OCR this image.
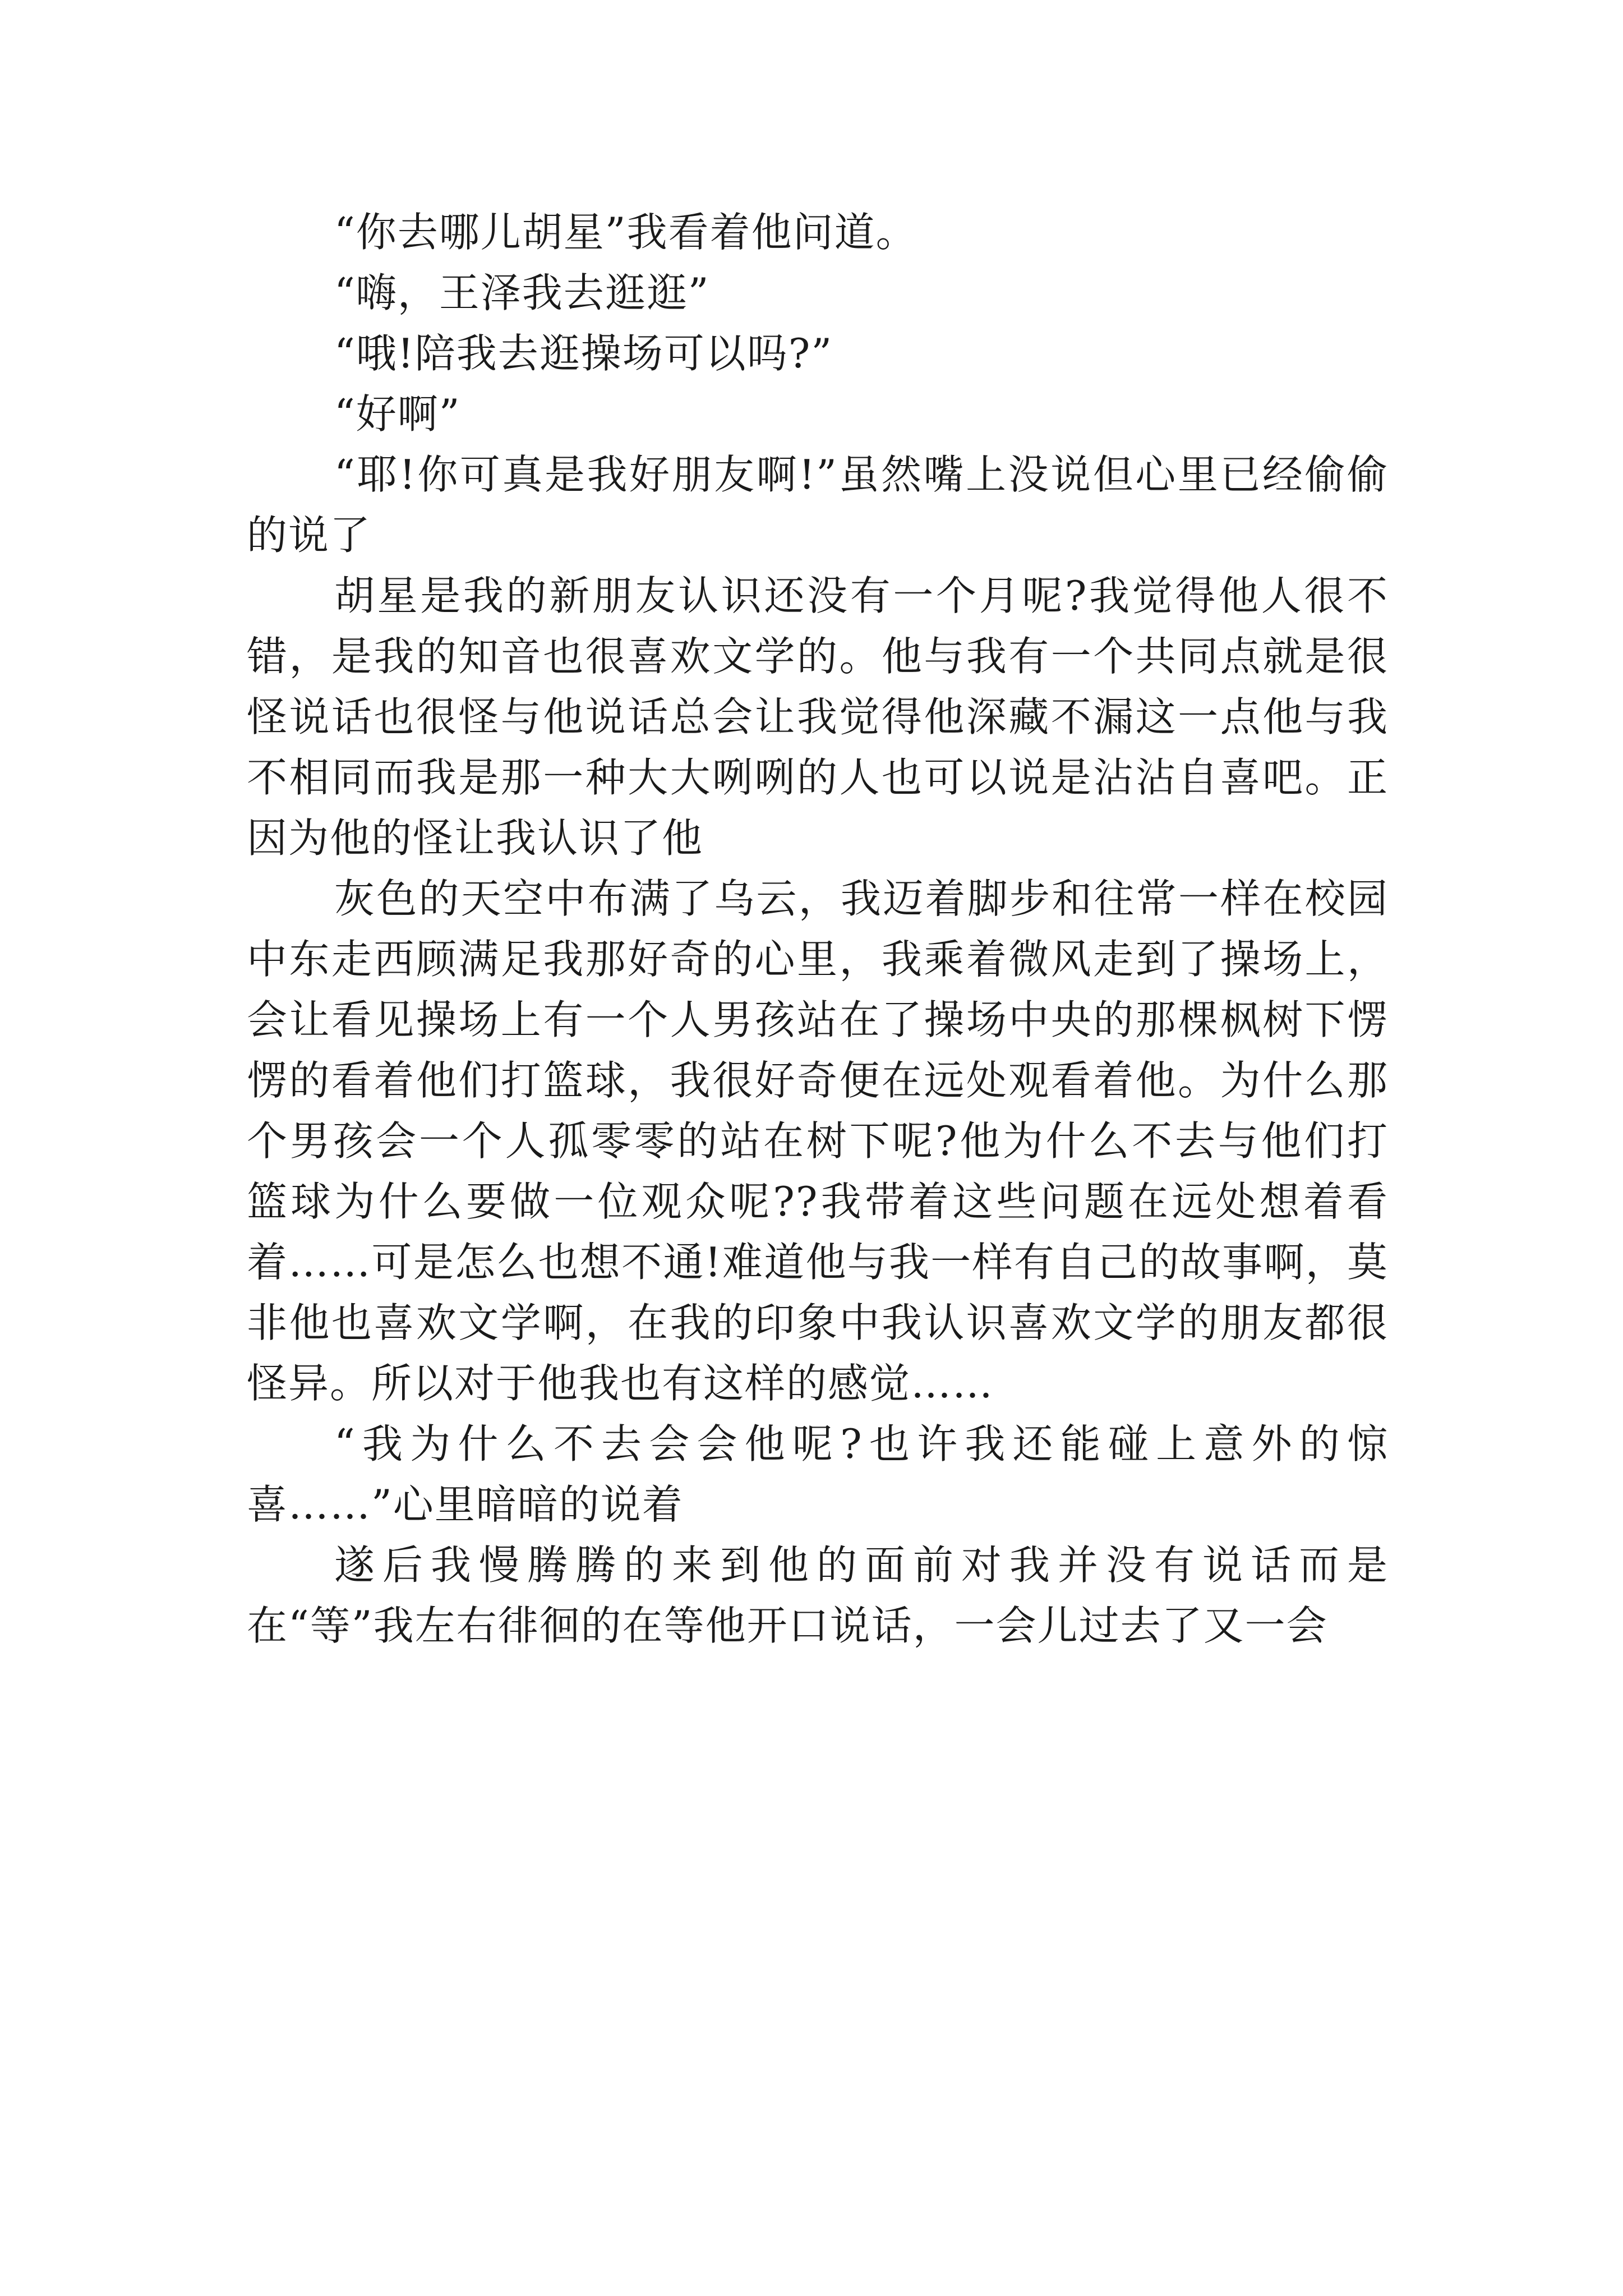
“你去哪儿胡星”我看着他问道。

“嗨，王泽我去逛逛”

“哦!陪我去逛操场可以吗?”

“好啊”

“耶!你可真是我好朋友啊!”虽然嘴上没说但心里已经偷偷的说了

胡星是我的新朋友认识还没有一个月呢?我觉得他人很不错，是我的知音也很喜欢文学的。他与我有一个共同点就是很怪说话也很怪与他说话总会让我觉得他深藏不漏这一点他与我不相同而我是那一种大大咧咧的人也可以说是沾沾自喜吧。正因为他的怪让我认识了他

灰色的天空中布满了乌云，我迈着脚步和往常一样在校园中东走西顾满足我那好奇的心里，我乘着微风走到了操场上，会让看见操场上有一个人男孩站在了操场中央的那棵枫树下愣愣的看着他们打篮球，我很好奇便在远处观看着他。为什么那个男孩会一个人孤零零的站在树下呢?他为什么不去与他们打篮球为什么要做一位观众呢??我带着这些问题在远处想着看着……可是怎么也想不通!难道他与我一样有自己的故事啊，莫非他也喜欢文学啊，在我的印象中我认识喜欢文学的朋友都很怪异。所以对于他我也有这样的感觉……

“我为什么不去会会他呢?也许我还能碰上意外的惊喜……”心里暗暗的说着

遂后我慢腾腾的来到他的面前对我并没有说话而是在“等”我左右徘徊的在等他开口说话，一会儿过去了又一会
